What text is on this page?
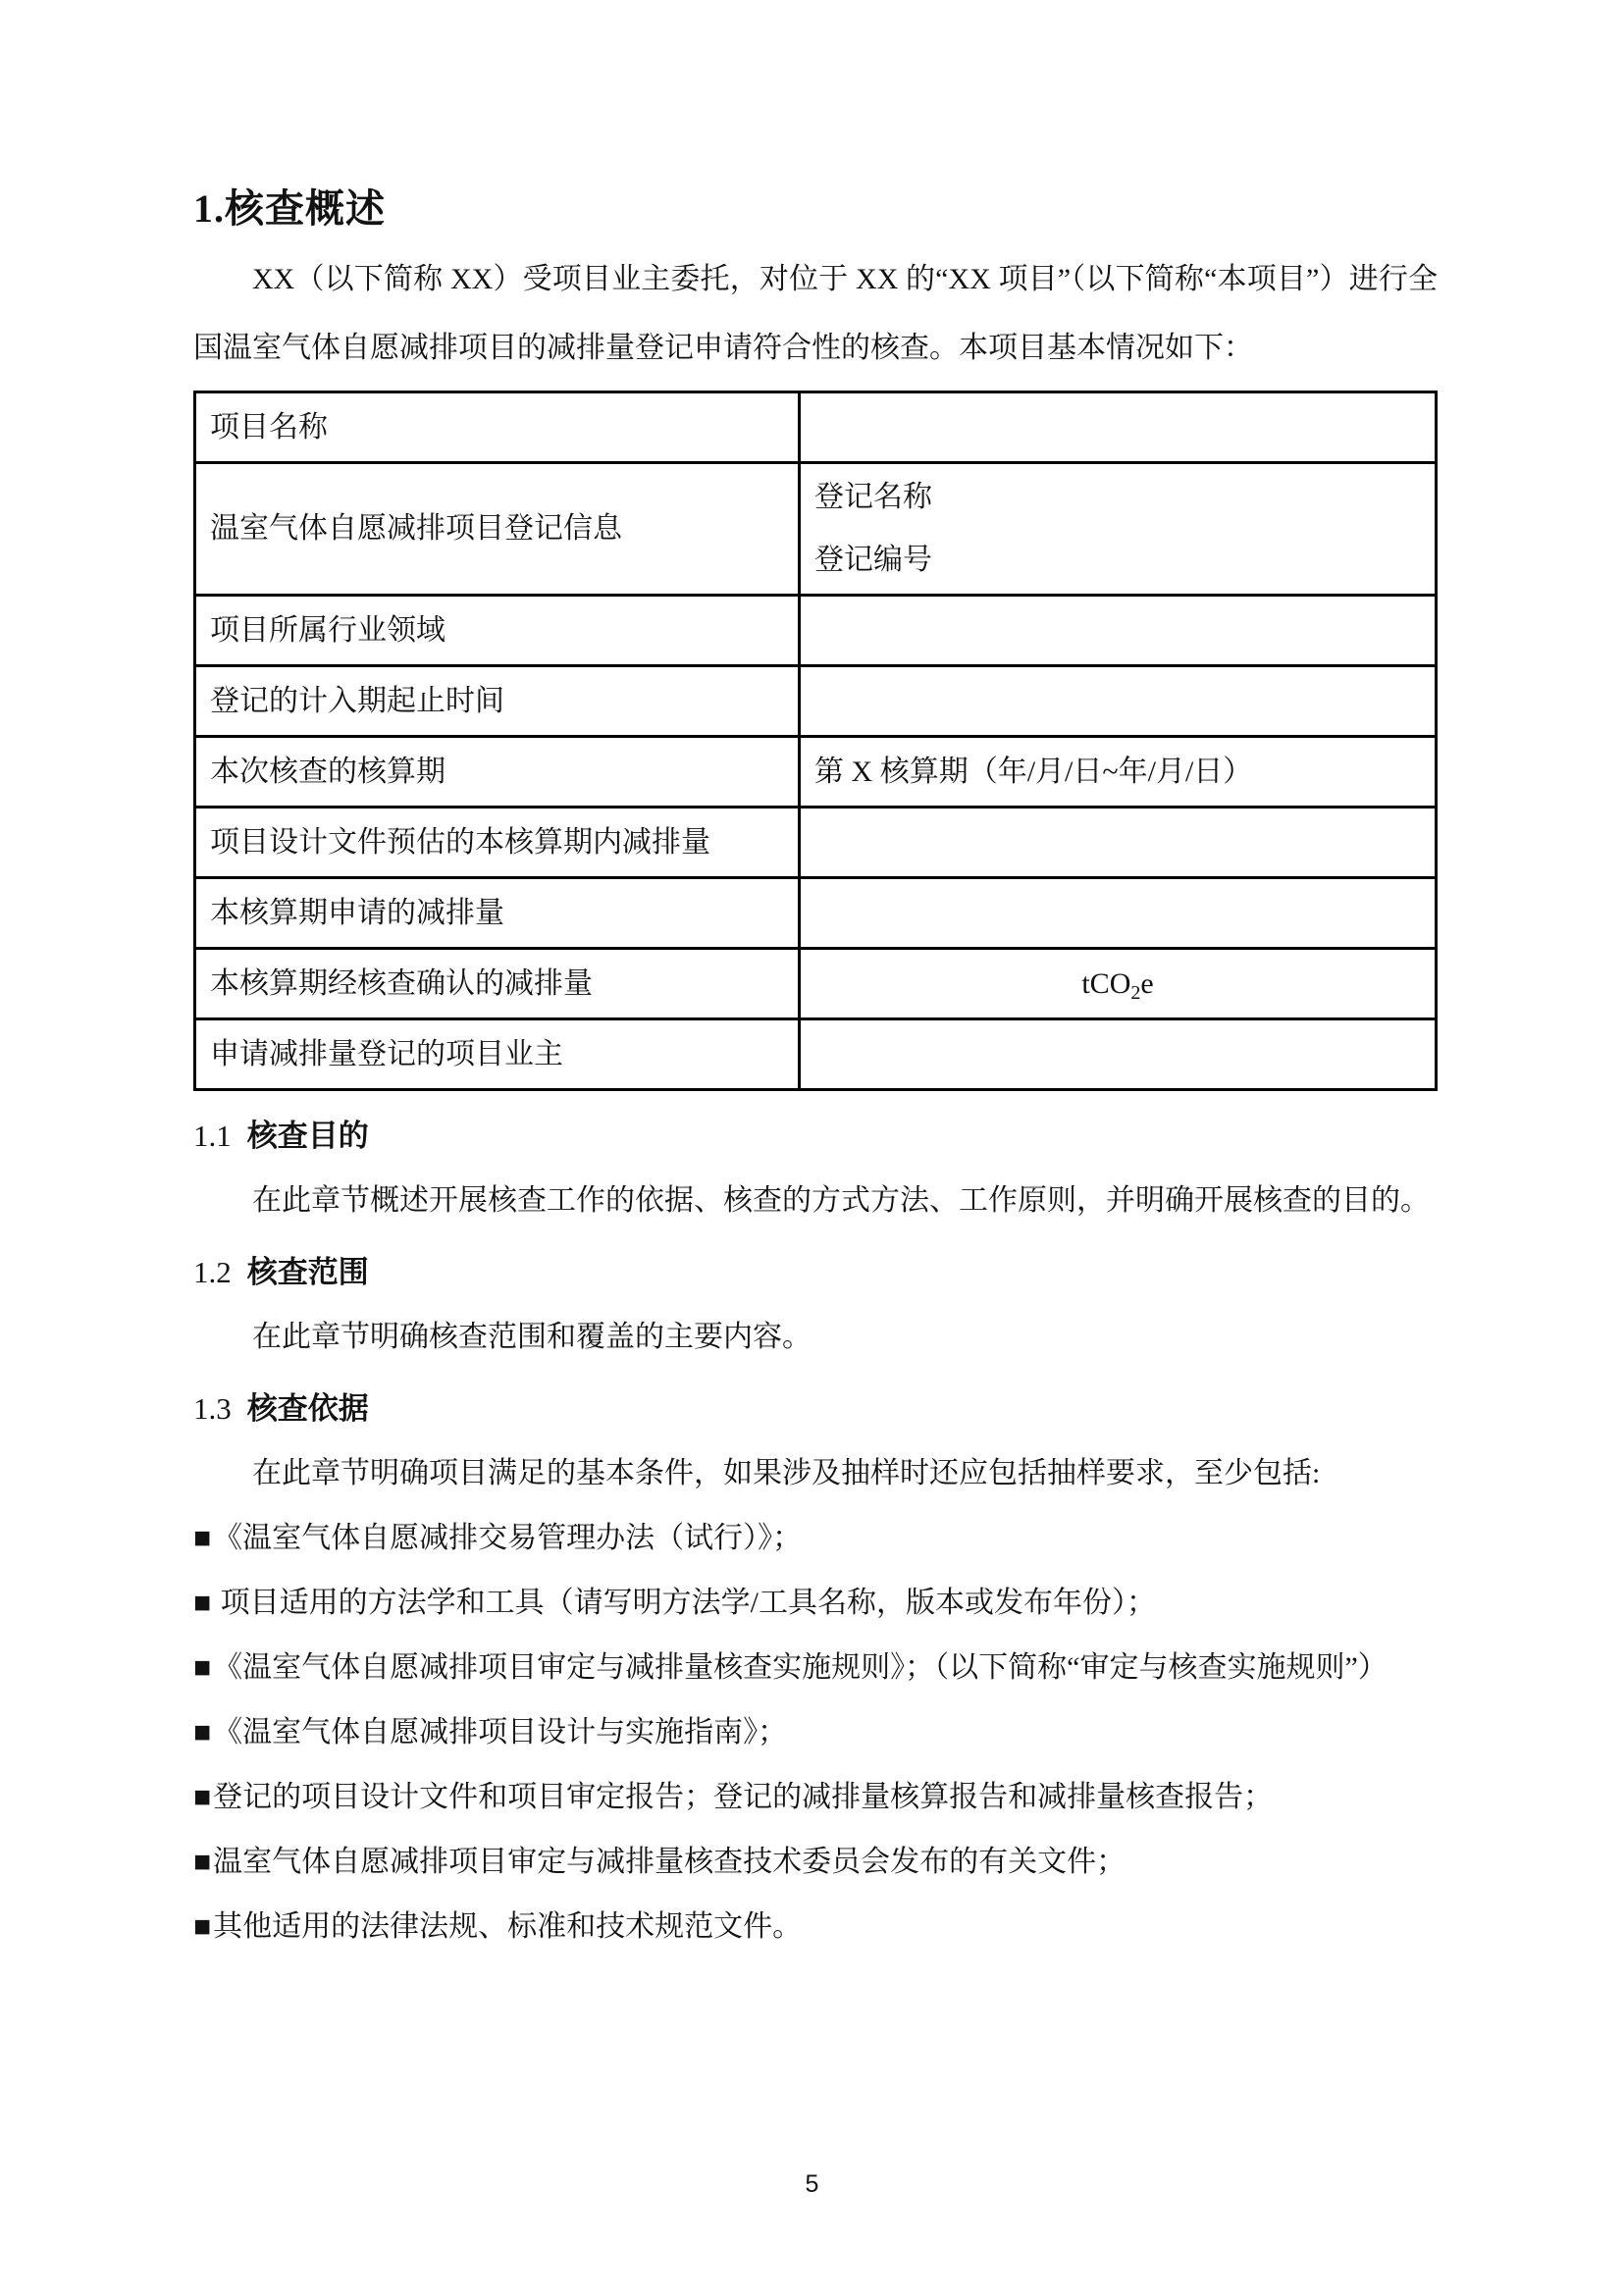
1.核查概述

XX（以下简称 XX）受项目业主委托，对位于 XX 的“XX 项目”（以下简称“本项目”）进行全国温室气体自愿减排项目的减排量登记申请符合性的核查。本项目基本情况如下：

项目名称	
温室气体自愿减排项目登记信息	登记名称
登记编号

项目所属行业领域	
登记的计入期起止时间	
本次核查的核算期	第 X 核算期（年/月/日~年/月/日）
项目设计文件预估的本核算期内减排量	
本核算期申请的减排量	
本核算期经核查确认的减排量	tCO$_2$e
申请减排量登记的项目业主	
1.1 核查目的

在此章节概述开展核查工作的依据、核查的方式方法、工作原则，并明确开展核查的目的。

1.2 核查范围

在此章节明确核查范围和覆盖的主要内容。

1.3 核查依据

在此章节明确项目满足的基本条件，如果涉及抽样时还应包括抽样要求，至少包括:

■《温室气体自愿减排交易管理办法（试行）》；
■ 项目适用的方法学和工具（请写明方法学/工具名称，版本或发布年份）；
■《温室气体自愿减排项目审定与减排量核查实施规则》；（以下简称“审定与核查实施规则”）
■《温室气体自愿减排项目设计与实施指南》；
■登记的项目设计文件和项目审定报告；登记的减排量核算报告和减排量核查报告；
■温室气体自愿减排项目审定与减排量核查技术委员会发布的有关文件；
■其他适用的法律法规、标准和技术规范文件。
5
